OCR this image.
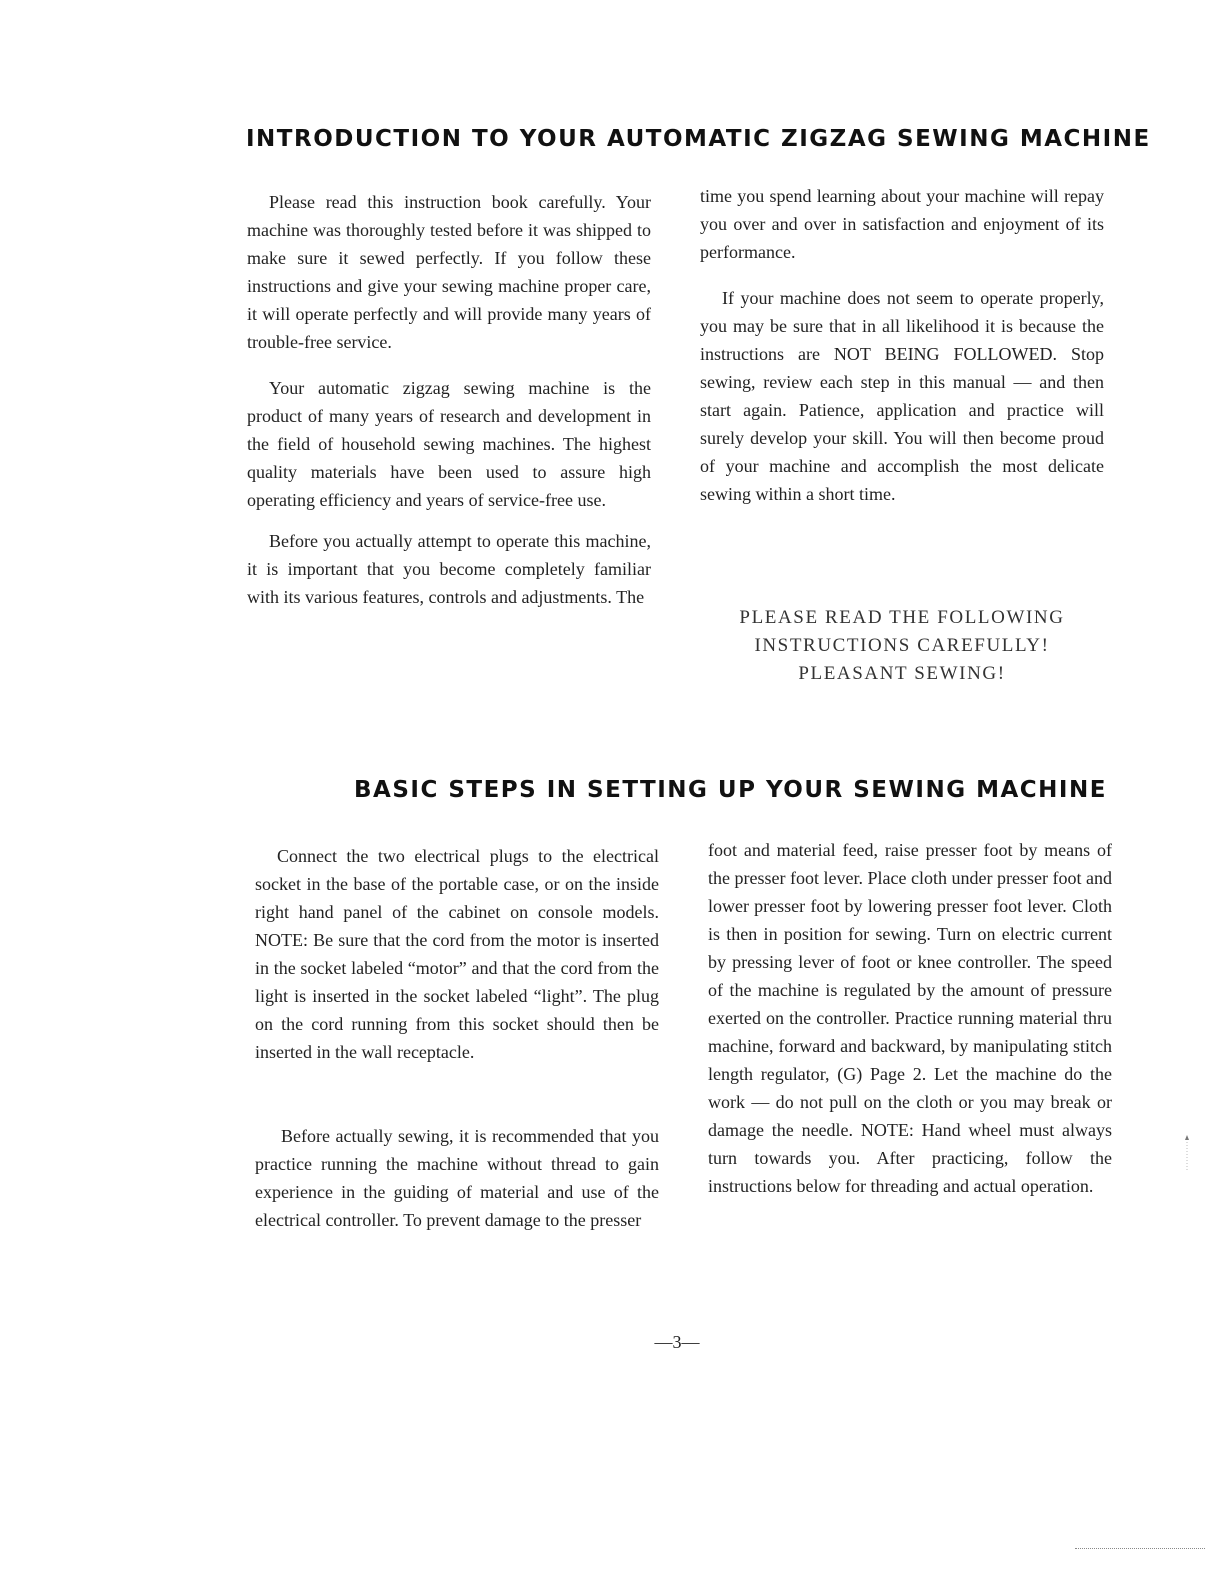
INTRODUCTION TO YOUR AUTOMATIC ZIGZAG SEWING MACHINE

Please read this instruction book carefully. Your machine was thoroughly tested before it was shipped to make sure it sewed perfectly. If you follow these instructions and give your sewing machine proper care, it will operate perfectly and will provide many years of trouble-free service.

Your automatic zigzag sewing machine is the product of many years of research and development in the field of household sewing machines. The highest quality materials have been used to assure high operating efficiency and years of service-free use.

Before you actually attempt to operate this machine, it is important that you become completely familiar with its various features, controls and adjustments. The

time you spend learning about your machine will repay you over and over in satisfaction and enjoyment of its performance.

If your machine does not seem to operate properly, you may be sure that in all likelihood it is because the instructions are NOT BEING FOLLOWED. Stop sewing, review each step in this manual — and then start again. Patience, application and practice will surely develop your skill. You will then become proud of your machine and accomplish the most delicate sewing within a short time.

PLEASE READ THE FOLLOWING
INSTRUCTIONS CAREFULLY!
PLEASANT SEWING!
BASIC STEPS IN SETTING UP YOUR SEWING MACHINE

Connect the two electrical plugs to the electrical socket in the base of the portable case, or on the inside right hand panel of the cabinet on console models. NOTE: Be sure that the cord from the motor is inserted in the socket labeled “motor” and that the cord from the light is inserted in the socket labeled “light”. The plug on the cord running from this socket should then be inserted in the wall receptacle.

Before actually sewing, it is recommended that you practice running the machine without thread to gain experience in the guiding of material and use of the electrical controller. To prevent damage to the presser

foot and material feed, raise presser foot by means of the presser foot lever. Place cloth under presser foot and lower presser foot by lowering presser foot lever. Cloth is then in position for sewing. Turn on electric current by pressing lever of foot or knee controller. The speed of the machine is regulated by the amount of pressure exerted on the controller. Practice running material thru machine, forward and backward, by manipulating stitch length regulator, (G) Page 2. Let the machine do the work — do not pull on the cloth or you may break or damage the needle. NOTE: Hand wheel must always turn towards you. After practicing, follow the instructions below for threading and actual operation.

—3—
